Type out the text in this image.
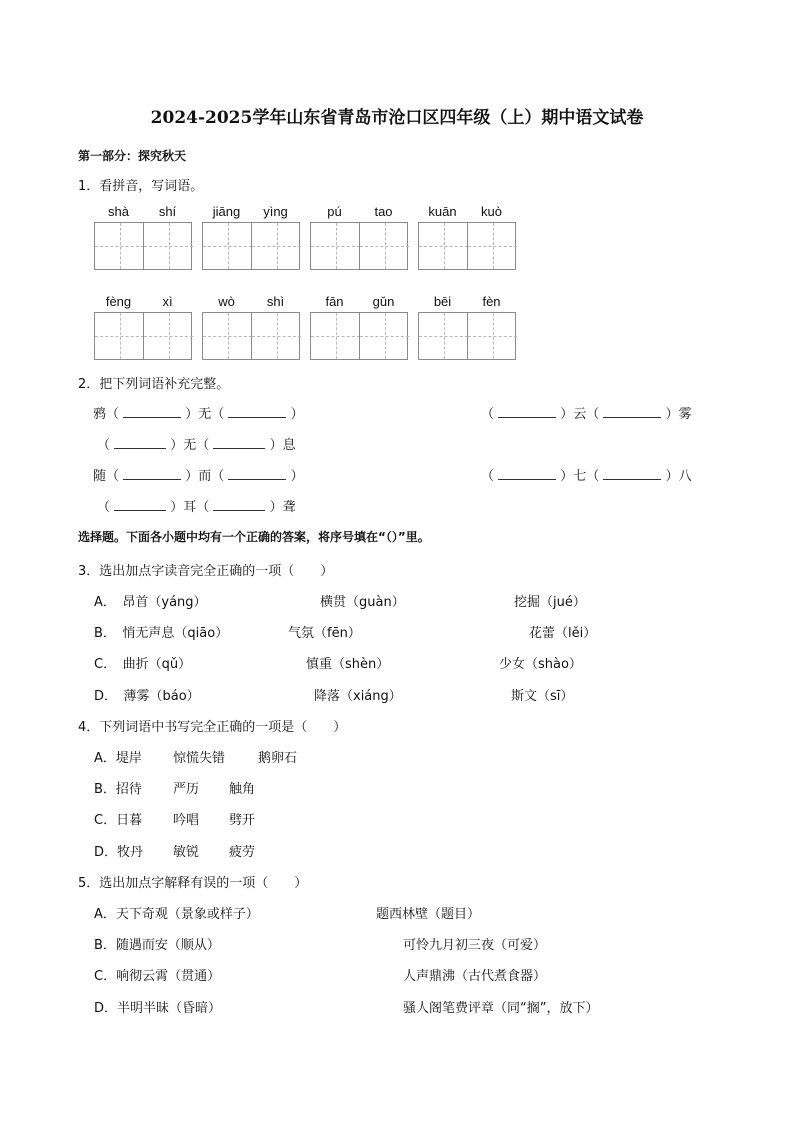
2024-2025学年山东省青岛市沧口区四年级（上）期中语文试卷
第一部分：探究秋天
1．看拼音，写词语。
shà	shí	jiāng	yìng	pú	tao	kuān	kuò
fèng	xì	wò	shì	fān	gǔn	bēi	fèn
2．把下列词语补充完整。
鸦（	）无（	）	（	）云（	）雾
（	）无（	）息
随（	）而（	）	（	）七（	）八
（	）耳（	）聋
选择题。下面各小题中均有一个正确的答案，将序号填在“（）”里。
3．选出加点字读音完全正确的一项（　　）
A．　昂首（yáng）	横贯（guàn）	挖掘（jué）
B．　悄无声息（qiāo）	气氛（fēn）	花蕾（lěi）
C．　曲折（qǔ）	慎重（shèn）	少女（shào）
D．　薄雾（báo）	降落（xiáng）	斯文（sī）
4．下列词语中书写完全正确的一项是（　　）
A．堤岸 惊慌失错	鹅卵石
B．招待 严历 触角
C．日暮 吟唱 劈开
D．牧丹 敏锐 疲劳
5．选出加点字解释有误的一项（　　）
A．天下奇观（景象或样子）	题西林壁（题目）
B．随遇而安（顺从）	可怜九月初三夜（可爱）
C．响彻云霄（贯通）	人声鼎沸（古代煮食器）
D．半明半昧（昏暗）	骚人阁笔费评章（同“搁”，放下）
